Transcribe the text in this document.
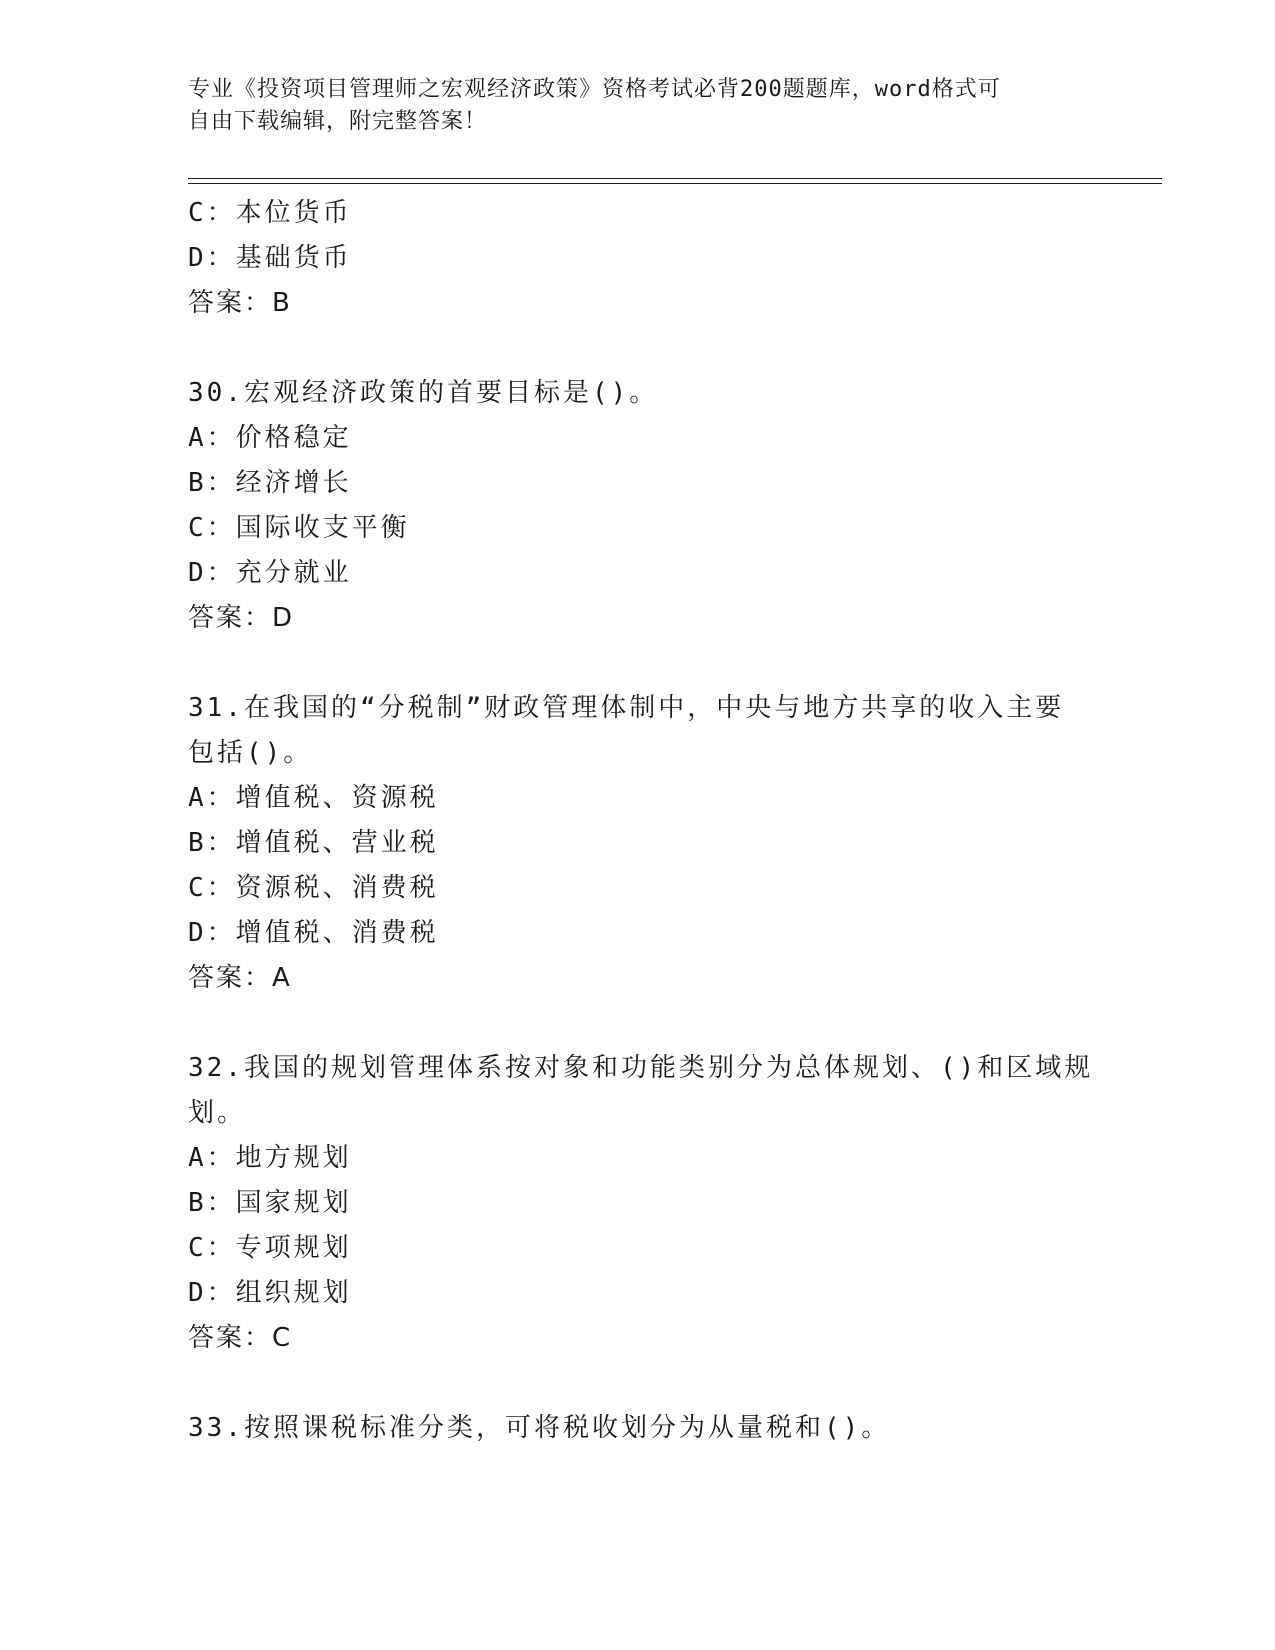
专业《投资项目管理师之宏观经济政策》资格考试必背200题题库，word格式可
自由下载编辑，附完整答案！
C：本位货币
D：基础货币
答案：B
30.宏观经济政策的首要目标是()。
A：价格稳定
B：经济增长
C：国际收支平衡
D：充分就业
答案：D
31.在我国的“分税制”财政管理体制中，中央与地方共享的收入主要
包括()。
A：增值税、资源税
B：增值税、营业税
C：资源税、消费税
D：增值税、消费税
答案：A
32.我国的规划管理体系按对象和功能类别分为总体规划、()和区域规
划。
A：地方规划
B：国家规划
C：专项规划
D：组织规划
答案：C
33.按照课税标准分类，可将税收划分为从量税和()。
